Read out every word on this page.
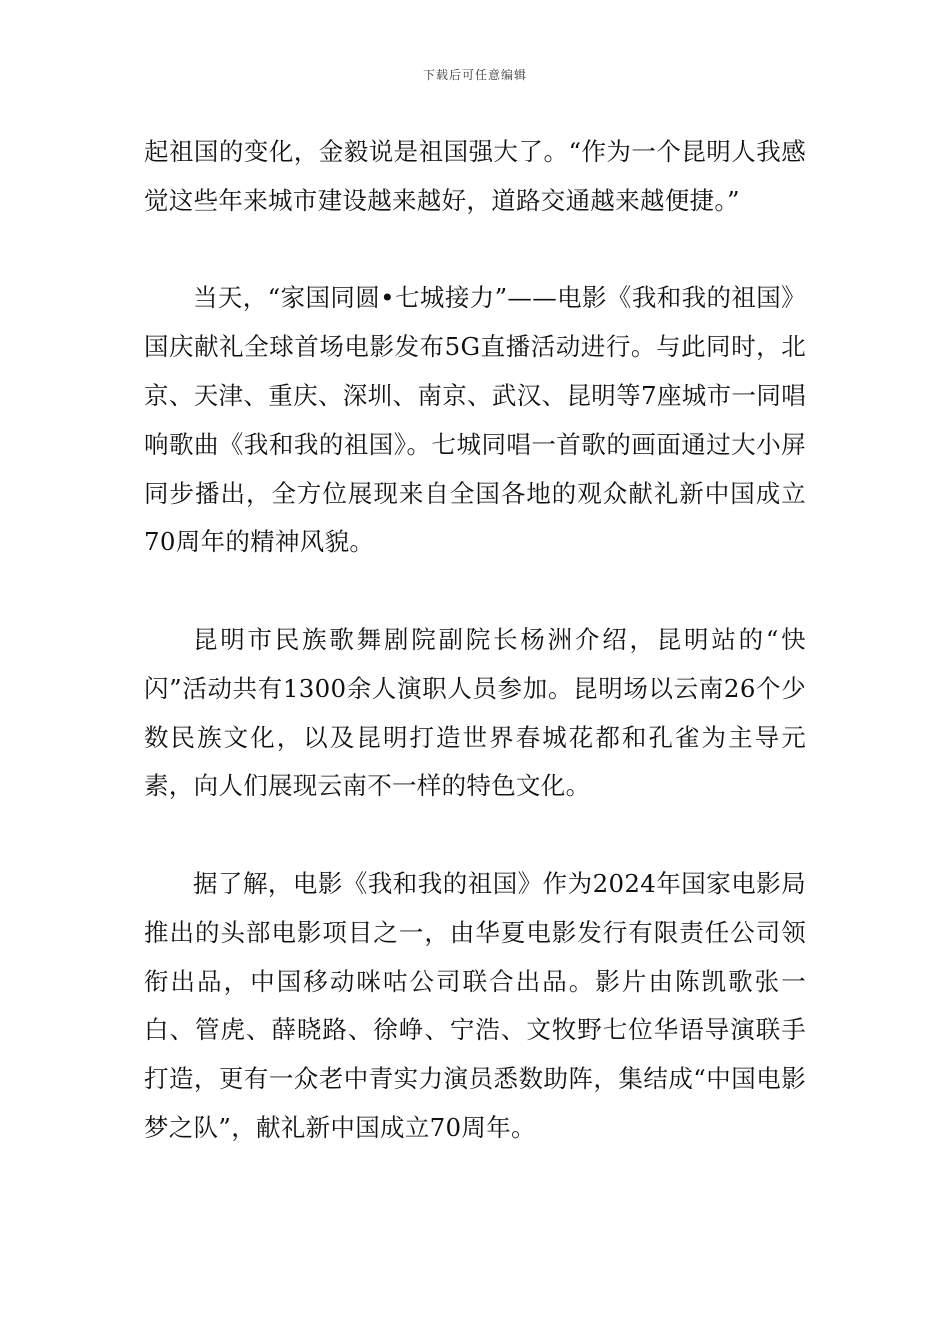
下载后可任意编辑

起祖国的变化，金毅说是祖国强大了。“作为一个昆明人我感觉这些年来城市建设越来越好，道路交通越来越便捷。”

当天，“家国同圆•七城接力”——电影《我和我的祖国》国庆献礼全球首场电影发布5G直播活动进行。与此同时，北京、天津、重庆、深圳、南京、武汉、昆明等7座城市一同唱响歌曲《我和我的祖国》。七城同唱一首歌的画面通过大小屏同步播出，全方位展现来自全国各地的观众献礼新中国成立70周年的精神风貌。

昆明市民族歌舞剧院副院长杨洲介绍，昆明站的“快闪”活动共有1300余人演职人员参加。昆明场以云南26个少数民族文化，以及昆明打造世界春城花都和孔雀为主导元素，向人们展现云南不一样的特色文化。

据了解，电影《我和我的祖国》作为2024年国家电影局推出的头部电影项目之一，由华夏电影发行有限责任公司领衔出品，中国移动咪咕公司联合出品。影片由陈凯歌张一白、管虎、薛晓路、徐峥、宁浩、文牧野七位华语导演联手打造，更有一众老中青实力演员悉数助阵，集结成“中国电影梦之队”，献礼新中国成立70周年。
